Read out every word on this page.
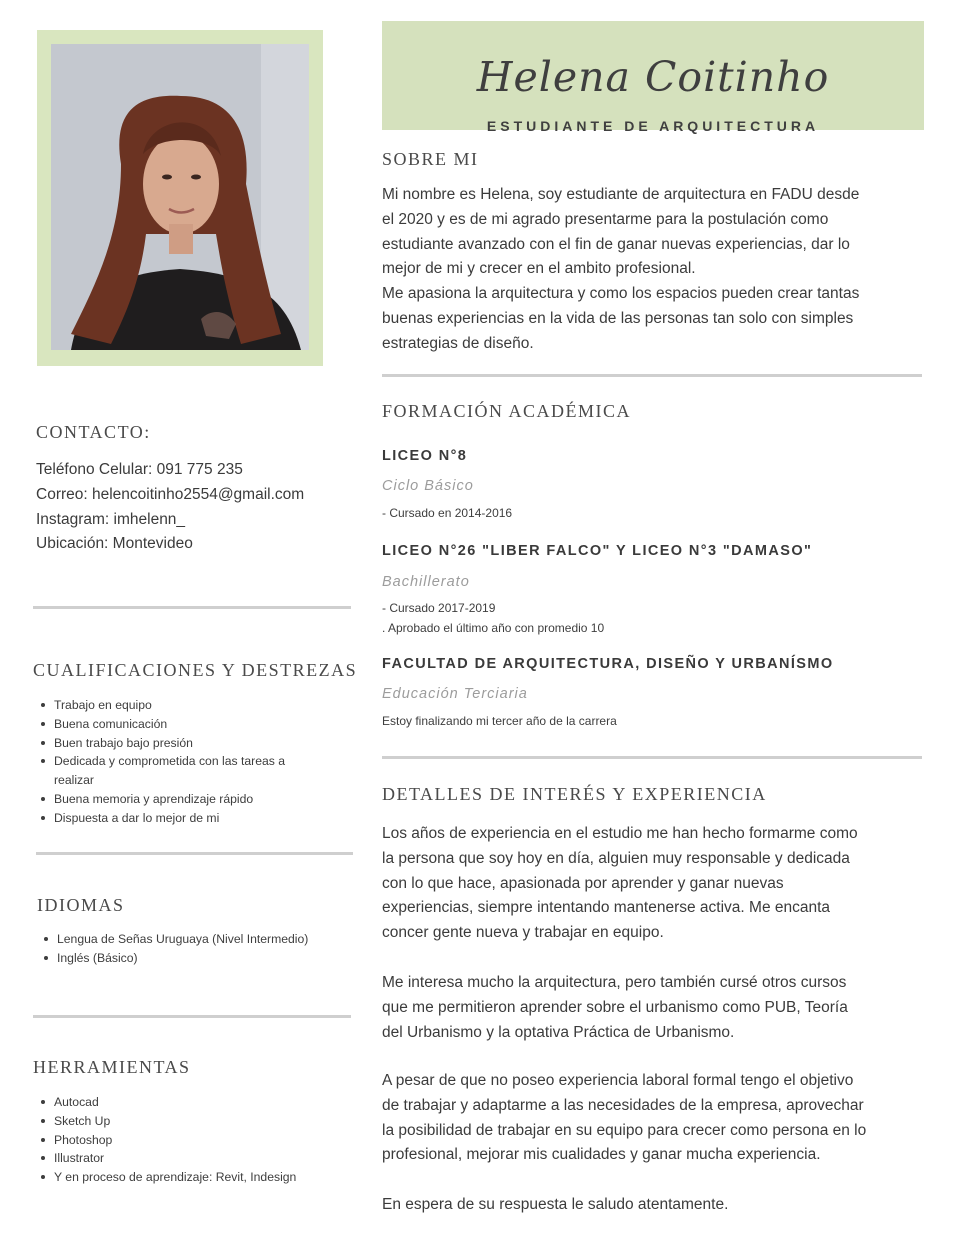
Helena Coitinho
ESTUDIANTE DE ARQUITECTURA
SOBRE MI
Mi nombre es Helena, soy estudiante de arquitectura en FADU desde
el 2020 y es de mi agrado presentarme para la postulación como
estudiante avanzado con el fin de ganar nuevas experiencias, dar lo
mejor de mi y crecer en el ambito profesional.
Me apasiona la arquitectura y como los espacios pueden crear tantas
buenas experiencias en la vida de las personas tan solo con simples
estrategias de diseño.
CONTACTO:
Teléfono Celular: 091 775 235
Correo: helencoitinho2554@gmail.com
Instagram: imhelenn_
Ubicación: Montevideo
CUALIFICACIONES Y DESTREZAS
Trabajo en equipo
Buena comunicación
Buen trabajo bajo presión
Dedicada y comprometida con las tareas a realizar
Buena memoria y aprendizaje rápido
Dispuesta a dar lo mejor de mi
IDIOMAS
Lengua de Señas Uruguaya (Nivel Intermedio)
Inglés (Básico)
HERRAMIENTAS
Autocad
Sketch Up
Photoshop
Illustrator
Y en proceso de aprendizaje: Revit, Indesign
FORMACIÓN ACADÉMICA
LICEO N°8
Ciclo Básico
- Cursado en 2014-2016
LICEO N°26 "LIBER FALCO" Y LICEO N°3 "DAMASO"
Bachillerato
- Cursado 2017-2019
. Aprobado el último año con promedio 10
FACULTAD DE ARQUITECTURA, DISEÑO Y URBANÍSMO
Educación Terciaria
Estoy finalizando mi tercer año de la carrera
DETALLES DE INTERÉS Y EXPERIENCIA
Los años de experiencia en el estudio me han hecho formarme como
la persona que soy hoy en día, alguien muy responsable y dedicada
con lo que hace, apasionada por aprender y ganar nuevas
experiencias, siempre intentando mantenerse activa. Me encanta
concer gente nueva y trabajar en equipo.
Me interesa mucho la arquitectura, pero también cursé otros cursos
que me permitieron aprender sobre el urbanismo como PUB, Teoría
del Urbanismo y la optativa Práctica de Urbanismo.
A pesar de que no poseo experiencia laboral formal tengo el objetivo
de trabajar y adaptarme a las necesidades de la empresa, aprovechar
la posibilidad de trabajar en su equipo para crecer como persona en lo
profesional, mejorar mis cualidades y ganar mucha experiencia.
En espera de su respuesta le saludo atentamente.
